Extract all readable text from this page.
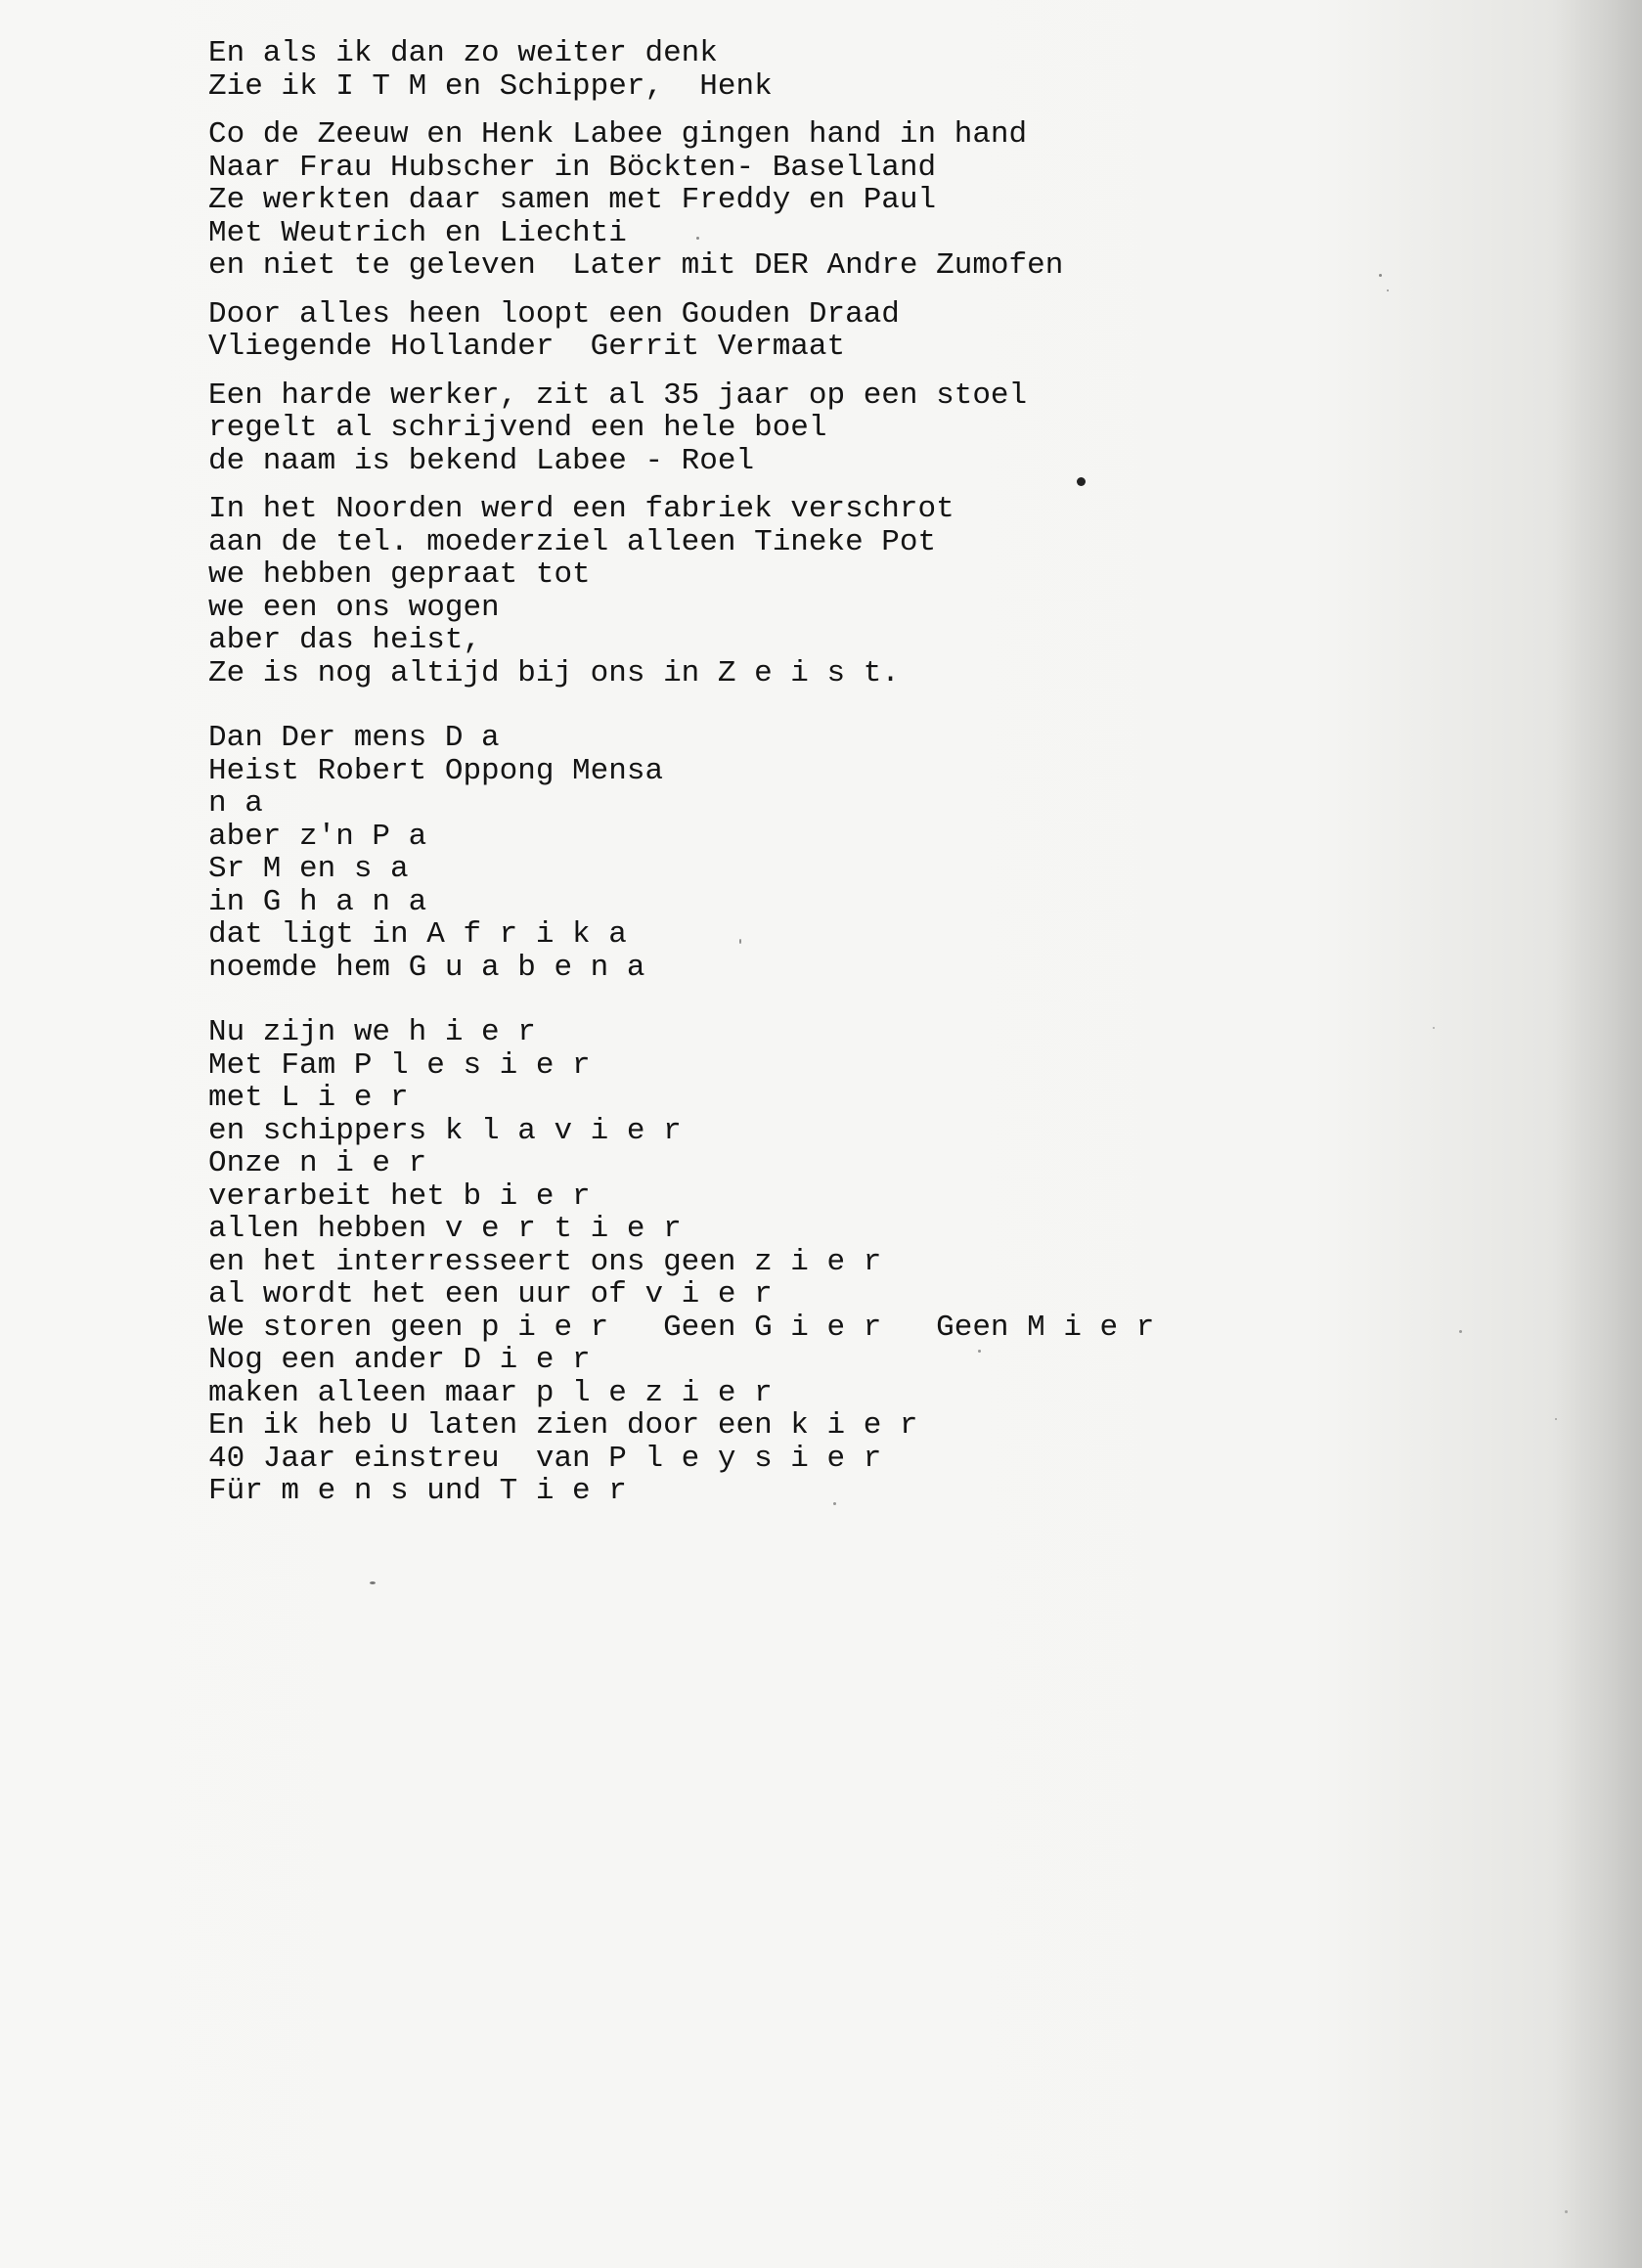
En als ik dan zo weiter denk
Zie ik I T M en Schipper,  Henk
Co de Zeeuw en Henk Labee gingen hand in hand
Naar Frau Hubscher in Böckten- Baselland
Ze werkten daar samen met Freddy en Paul
Met Weutrich en Liechti
en niet te geleven  Later mit DER Andre Zumofen
Door alles heen loopt een Gouden Draad
Vliegende Hollander  Gerrit Vermaat
Een harde werker, zit al 35 jaar op een stoel
regelt al schrijvend een hele boel
de naam is bekend Labee - Roel
In het Noorden werd een fabriek verschrot
aan de tel. moederziel alleen Tineke Pot
we hebben gepraat tot
we een ons wogen
aber das heist,
Ze is nog altijd bij ons in Z e i s t.
Dan Der mens D a
Heist Robert Oppong Mensa
n a
aber z'n P a
Sr M en s a
in G h a n a
dat ligt in A f r i k a
noemde hem G u a b e n a
Nu zijn we h i e r
Met Fam P l e s i e r
met L i e r
en schippers k l a v i e r
Onze n i e r
verarbeit het b i e r
allen hebben v e r t i e r
en het interresseert ons geen z i e r
al wordt het een uur of v i e r
We storen geen p i e r   Geen G i e r   Geen M i e r
Nog een ander D i e r
maken alleen maar p l e z i e r
En ik heb U laten zien door een k i e r
40 Jaar einstreu  van P l e y s i e r
Für m e n s und T i e r
